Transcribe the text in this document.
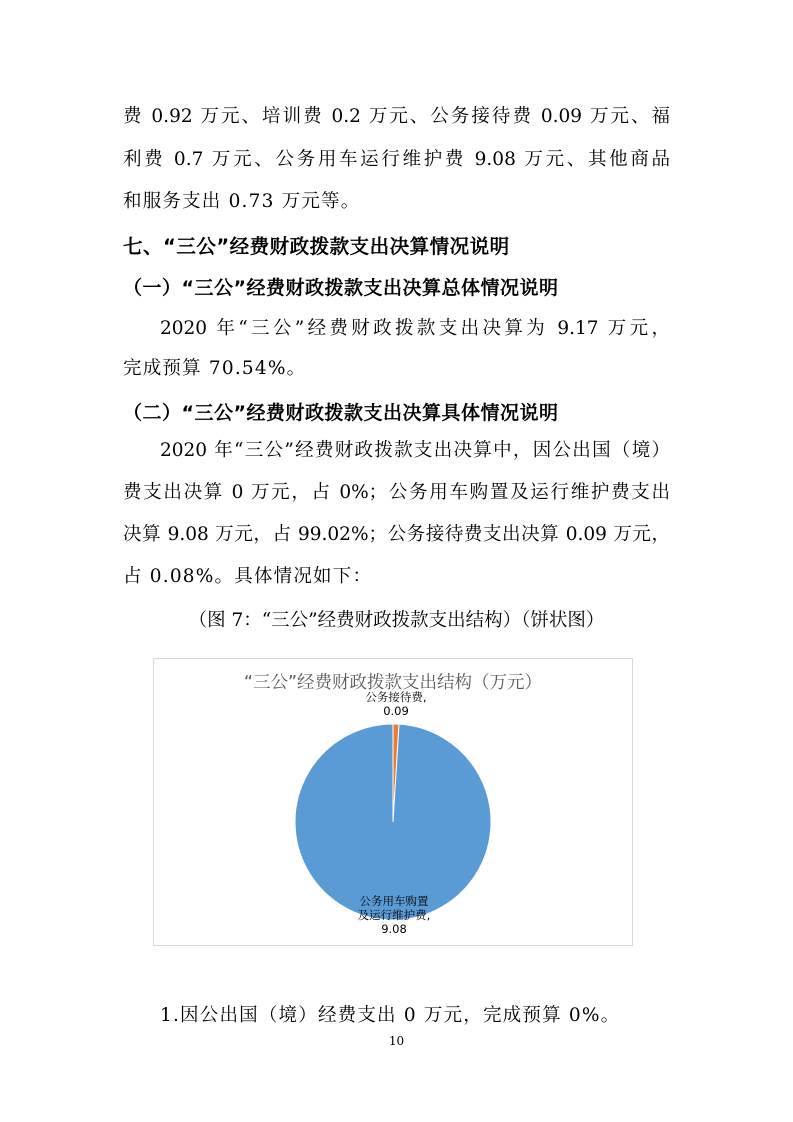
费 0.92 万元、培训费 0.2 万元、公务接待费 0.09 万元、福
利费 0.7 万元、公务用车运行维护费 9.08 万元、其他商品
和服务支出 0.73 万元等。
七、“三公”经费财政拨款支出决算情况说明
（一）“三公”经费财政拨款支出决算总体情况说明
2020 年“三公”经费财政拨款支出决算为 9.17 万元，
完成预算 70.54%。
（二）“三公”经费财政拨款支出决算具体情况说明
2020 年“三公”经费财政拨款支出决算中，因公出国（境）
费支出决算 0 万元，占 0%；公务用车购置及运行维护费支出
决算 9.08 万元，占 99.02%；公务接待费支出决算 0.09 万元，
占 0.08%。具体情况如下：
（图 7：“三公”经费财政拨款支出结构）（饼状图）
“三公”经费财政拨款支出结构（万元）
公务接待费,
0.09
公务用车购置
及运行维护费,
9.08
1.因公出国（境）经费支出 0 万元，完成预算 0%。
10
